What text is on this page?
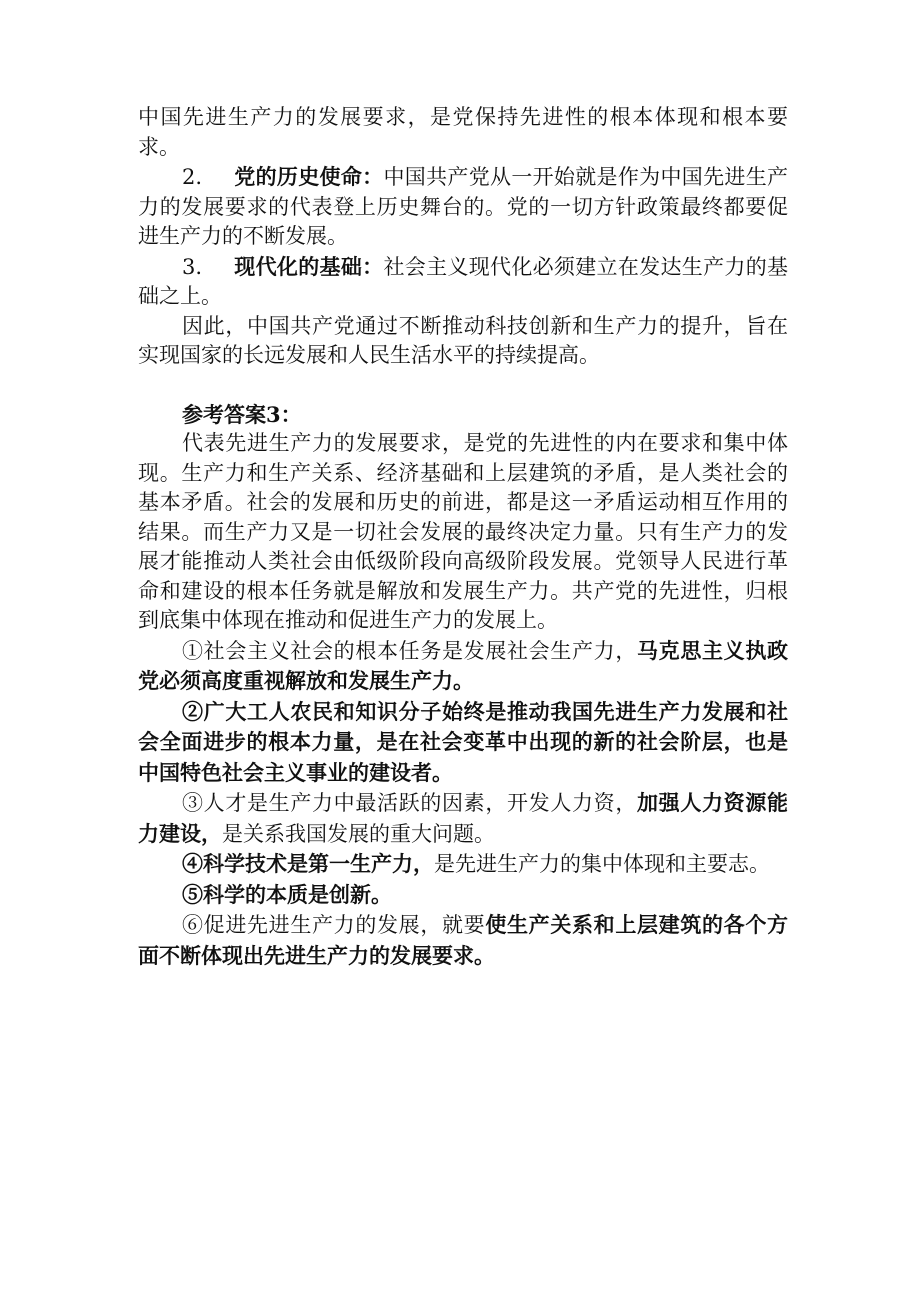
中国先进生产力的发展要求，是党保持先进性的根本体现和根本要求。

2. 党的历史使命：中国共产党从一开始就是作为中国先进生产力的发展要求的代表登上历史舞台的。党的一切方针政策最终都要促进生产力的不断发展。

3. 现代化的基础：社会主义现代化必须建立在发达生产力的基础之上。

因此，中国共产党通过不断推动科技创新和生产力的提升，旨在实现国家的长远发展和人民生活水平的持续提高。

参考答案3：

代表先进生产力的发展要求，是党的先进性的内在要求和集中体现。生产力和生产关系、经济基础和上层建筑的矛盾，是人类社会的基本矛盾。社会的发展和历史的前进，都是这一矛盾运动相互作用的结果。而生产力又是一切社会发展的最终决定力量。只有生产力的发展才能推动人类社会由低级阶段向高级阶段发展。党领导人民进行革命和建设的根本任务就是解放和发展生产力。共产党的先进性，归根到底集中体现在推动和促进生产力的发展上。

①社会主义社会的根本任务是发展社会生产力，马克思主义执政党必须高度重视解放和发展生产力。

②广大工人农民和知识分子始终是推动我国先进生产力发展和社会全面进步的根本力量，是在社会变革中出现的新的社会阶层，也是中国特色社会主义事业的建设者。

③人才是生产力中最活跃的因素，开发人力资，加强人力资源能力建设，是关系我国发展的重大问题。

④科学技术是第一生产力，是先进生产力的集中体现和主要志。

⑤科学的本质是创新。

⑥促进先进生产力的发展，就要使生产关系和上层建筑的各个方面不断体现出先进生产力的发展要求。
